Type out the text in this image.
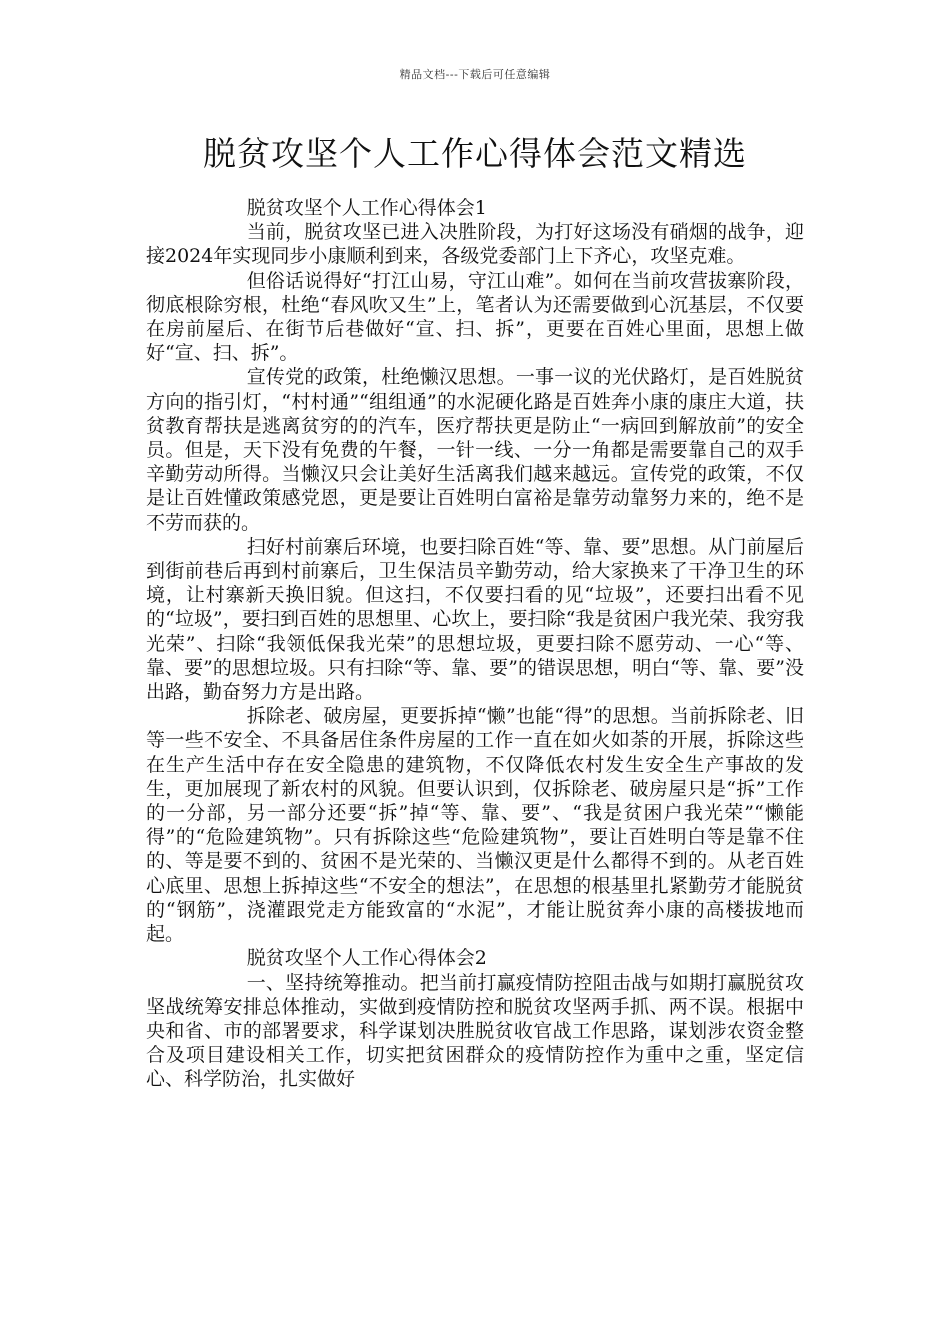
精品文档---下载后可任意编辑
脱贫攻坚个人工作心得体会范文精选

脱贫攻坚个人工作心得体会1

当前，脱贫攻坚已进入决胜阶段，为打好这场没有硝烟的战争，迎接2024年实现同步小康顺利到来，各级党委部门上下齐心，攻坚克难。

但俗话说得好“打江山易，守江山难”。如何在当前攻营拔寨阶段，彻底根除穷根，杜绝“春风吹又生”上，笔者认为还需要做到心沉基层，不仅要在房前屋后、在街节后巷做好“宣、扫、拆”，更要在百姓心里面，思想上做好“宣、扫、拆”。

宣传党的政策，杜绝懒汉思想。一事一议的光伏路灯，是百姓脱贫方向的指引灯，“村村通”“组组通”的水泥硬化路是百姓奔小康的康庄大道，扶贫教育帮扶是逃离贫穷的的汽车，医疗帮扶更是防止“一病回到解放前”的安全员。但是，天下没有免费的午餐，一针一线、一分一角都是需要靠自己的双手辛勤劳动所得。当懒汉只会让美好生活离我们越来越远。宣传党的政策，不仅是让百姓懂政策感党恩，更是要让百姓明白富裕是靠劳动靠努力来的，绝不是不劳而获的。

扫好村前寨后环境，也要扫除百姓“等、靠、要”思想。从门前屋后到街前巷后再到村前寨后，卫生保洁员辛勤劳动，给大家换来了干净卫生的环境，让村寨新天换旧貌。但这扫，不仅要扫看的见“垃圾”，还要扫出看不见的“垃圾”，要扫到百姓的思想里、心坎上，要扫除“我是贫困户我光荣、我穷我光荣”、扫除“我领低保我光荣”的思想垃圾，更要扫除不愿劳动、一心“等、靠、要”的思想垃圾。只有扫除“等、靠、要”的错误思想，明白“等、靠、要”没出路，勤奋努力方是出路。

拆除老、破房屋，更要拆掉“懒”也能“得”的思想。当前拆除老、旧等一些不安全、不具备居住条件房屋的工作一直在如火如荼的开展，拆除这些在生产生活中存在安全隐患的建筑物，不仅降低农村发生安全生产事故的发生，更加展现了新农村的风貌。但要认识到，仅拆除老、破房屋只是“拆”工作的一分部，另一部分还要“拆”掉“等、靠、要”、“我是贫困户我光荣”“懒能得”的“危险建筑物”。只有拆除这些“危险建筑物”，要让百姓明白等是靠不住的、等是要不到的、贫困不是光荣的、当懒汉更是什么都得不到的。从老百姓心底里、思想上拆掉这些“不安全的想法”，在思想的根基里扎紧勤劳才能脱贫的“钢筋”，浇灌跟党走方能致富的“水泥”，才能让脱贫奔小康的高楼拔地而起。

脱贫攻坚个人工作心得体会2

一、坚持统筹推动。把当前打赢疫情防控阻击战与如期打赢脱贫攻坚战统筹安排总体推动，实做到疫情防控和脱贫攻坚两手抓、两不误。根据中央和省、市的部署要求，科学谋划决胜脱贫收官战工作思路，谋划涉农资金整合及项目建设相关工作，切实把贫困群众的疫情防控作为重中之重，坚定信心、科学防治，扎实做好
